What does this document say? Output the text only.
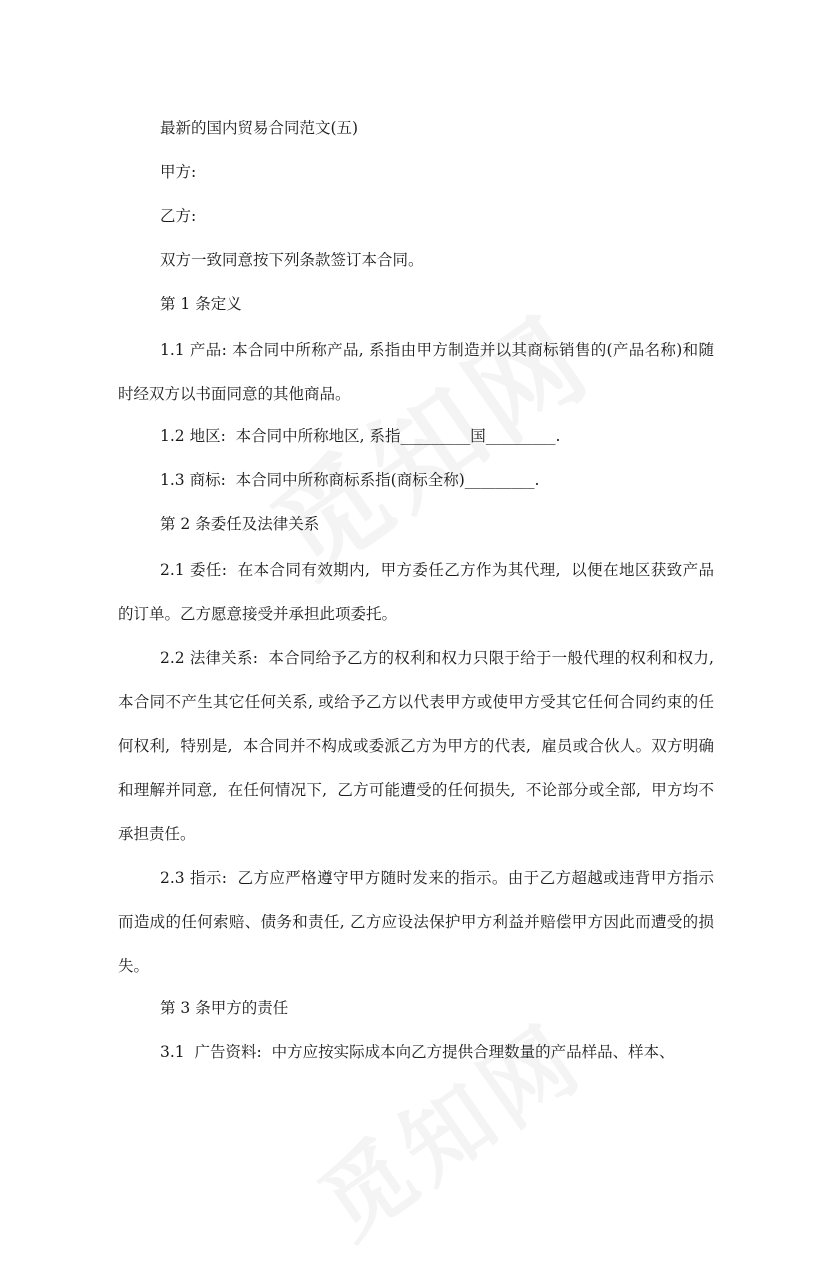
最新的国内贸易合同范文(五)

甲方:

乙方:

双方一致同意按下列条款签订本合同。

第 1 条定义

1.1 产品: 本合同中所称产品, 系指由甲方制造并以其商标销售的(产品名称)和随时经双方以书面同意的其他商品。

1.2 地区:  本合同中所称地区, 系指_________国_________.

1.3 商标:  本合同中所称商标系指(商标全称)_________.

第 2 条委任及法律关系

2.1 委任:  在本合同有效期内,  甲方委任乙方作为其代理,  以便在地区获致产品的订单。乙方愿意接受并承担此项委托。

2.2 法律关系:  本合同给予乙方的权利和权力只限于给于一般代理的权利和权力, 本合同不产生其它任何关系, 或给予乙方以代表甲方或使甲方受其它任何合同约束的任何权利,  特别是,  本合同并不构成或委派乙方为甲方的代表,  雇员或合伙人。双方明确和理解并同意,  在任何情况下,  乙方可能遭受的任何损失,  不论部分或全部,  甲方均不承担责任。

2.3 指示:  乙方应严格遵守甲方随时发来的指示。由于乙方超越或违背甲方指示而造成的任何索赔、债务和责任, 乙方应设法保护甲方利益并赔偿甲方因此而遭受的损失。

第 3 条甲方的责任

3.1  广告资料:  中方应按实际成本向乙方提供合理数量的产品样品、样本、
